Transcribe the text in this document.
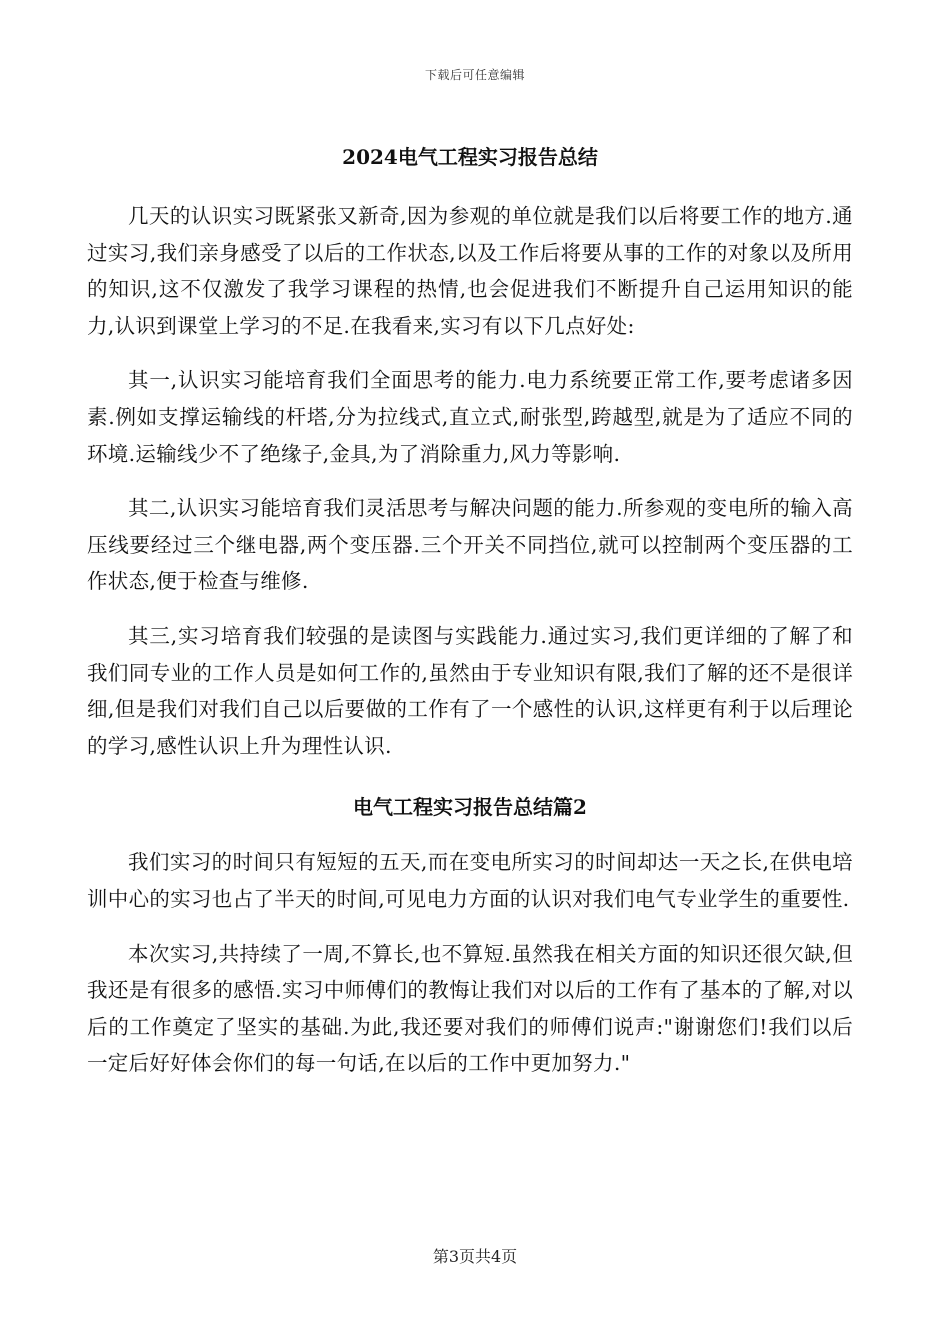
下载后可任意编辑
2024电气工程实习报告总结

几天的认识实习既紧张又新奇,因为参观的单位就是我们以后将要工作的地方.通过实习,我们亲身感受了以后的工作状态,以及工作后将要从事的工作的对象以及所用的知识,这不仅激发了我学习课程的热情,也会促进我们不断提升自己运用知识的能力,认识到课堂上学习的不足.在我看来,实习有以下几点好处:

其一,认识实习能培育我们全面思考的能力.电力系统要正常工作,要考虑诸多因素.例如支撑运输线的杆塔,分为拉线式,直立式,耐张型,跨越型,就是为了适应不同的环境.运输线少不了绝缘子,金具,为了消除重力,风力等影响.

其二,认识实习能培育我们灵活思考与解决问题的能力.所参观的变电所的输入高压线要经过三个继电器,两个变压器.三个开关不同挡位,就可以控制两个变压器的工作状态,便于检查与维修.

其三,实习培育我们较强的是读图与实践能力.通过实习,我们更详细的了解了和我们同专业的工作人员是如何工作的,虽然由于专业知识有限,我们了解的还不是很详细,但是我们对我们自己以后要做的工作有了一个感性的认识,这样更有利于以后理论的学习,感性认识上升为理性认识.

电气工程实习报告总结篇2

我们实习的时间只有短短的五天,而在变电所实习的时间却达一天之长,在供电培训中心的实习也占了半天的时间,可见电力方面的认识对我们电气专业学生的重要性.

本次实习,共持续了一周,不算长,也不算短.虽然我在相关方面的知识还很欠缺,但我还是有很多的感悟.实习中师傅们的教悔让我们对以后的工作有了基本的了解,对以后的工作奠定了坚实的基础.为此,我还要对我们的师傅们说声:"谢谢您们!我们以后一定后好好体会你们的每一句话,在以后的工作中更加努力."

第3页共4页
